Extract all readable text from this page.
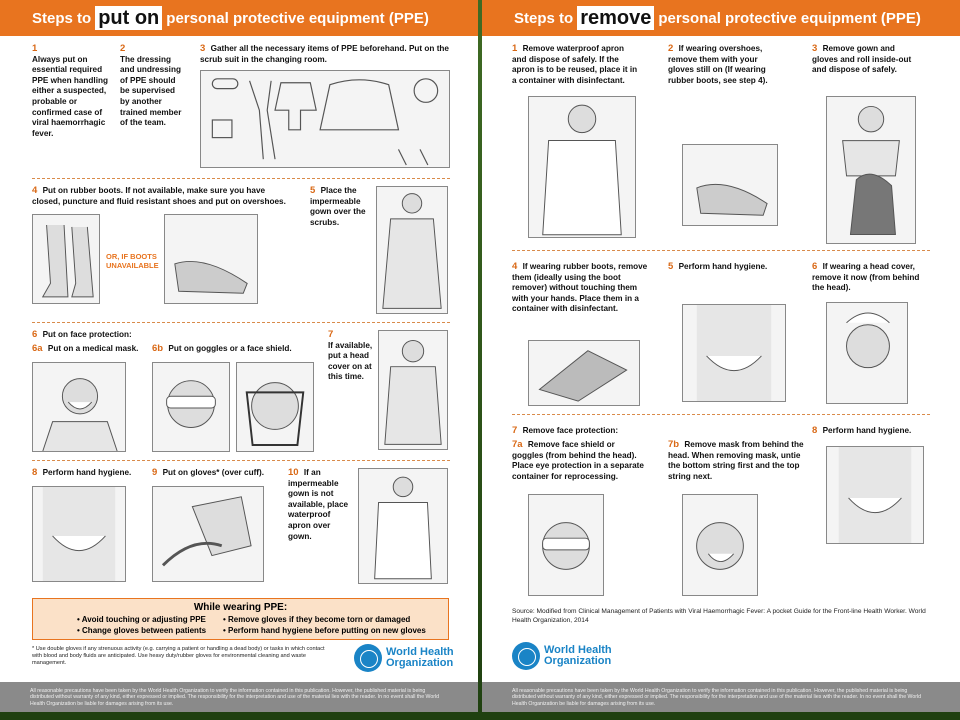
Steps to put on personal protective equipment (PPE)
1
Always put on essential required PPE when handling either a suspected, probable or confirmed case of viral haemorrhagic fever.
2
The dressing and undressing of PPE should be supervised by another trained member of the team.
3 Gather all the necessary items of PPE beforehand. Put on the scrub suit in the changing room.
4 Put on rubber boots. If not available, make sure you have closed, puncture and fluid resistant shoes and put on overshoes.
OR, IF BOOTS UNAVAILABLE
5 Place the impermeable gown over the scrubs.
6 Put on face protection:
6a Put on a medical mask.	6b Put on goggles or a face shield.
7
If available, put a head cover on at this time.
8 Perform hand hygiene.	9 Put on gloves* (over cuff).	10 If an impermeable gown is not available, place waterproof apron over gown.
While wearing PPE:
• Avoid touching or adjusting PPE
• Change gloves between patients
• Remove gloves if they become torn or damaged
• Perform hand hygiene before putting on new gloves
* Use double gloves if any strenuous activity (e.g. carrying a patient or handling a dead body) or tasks in which contact with blood and body fluids are anticipated. Use heavy duty/rubber gloves for environmental cleaning and waste management.
World Health
Organization
All reasonable precautions have been taken by the World Health Organization to verify the information contained in this publication. However, the published material is being distributed without warranty of any kind, either expressed or implied. The responsibility for the interpretation and use of the material lies with the reader. In no event shall the World Health Organization be liable for damages arising from its use.
Steps to remove personal protective equipment (PPE)
1 Remove waterproof apron and dispose of safely. If the apron is to be reused, place it in a container with disinfectant.
2 If wearing overshoes, remove them with your gloves still on (If wearing rubber boots, see step 4).
3 Remove gown and gloves and roll inside-out and dispose of safely.
4 If wearing rubber boots, remove them (ideally using the boot remover) without touching them with your hands. Place them in a container with disinfectant.
5 Perform hand hygiene.	6 If wearing a head cover, remove it now (from behind the head).
7 Remove face protection:
7a Remove face shield or goggles (from behind the head). Place eye protection in a separate container for reprocessing.
7b Remove mask from behind the head. When removing mask, untie the bottom string first and the top string next.
8 Perform hand hygiene.
World Health
Organization
All reasonable precautions have been taken by the World Health Organization to verify the information contained in this publication. However, the published material is being distributed without warranty of any kind, either expressed or implied. The responsibility for the interpretation and use of the material lies with the reader. In no event shall the World Health Organization be liable for damages arising from its use.
Source: Modified from Clinical Management of Patients with Viral Haemorrhagic Fever: A pocket Guide for the Front-line Health Worker. World Health Organization, 2014
